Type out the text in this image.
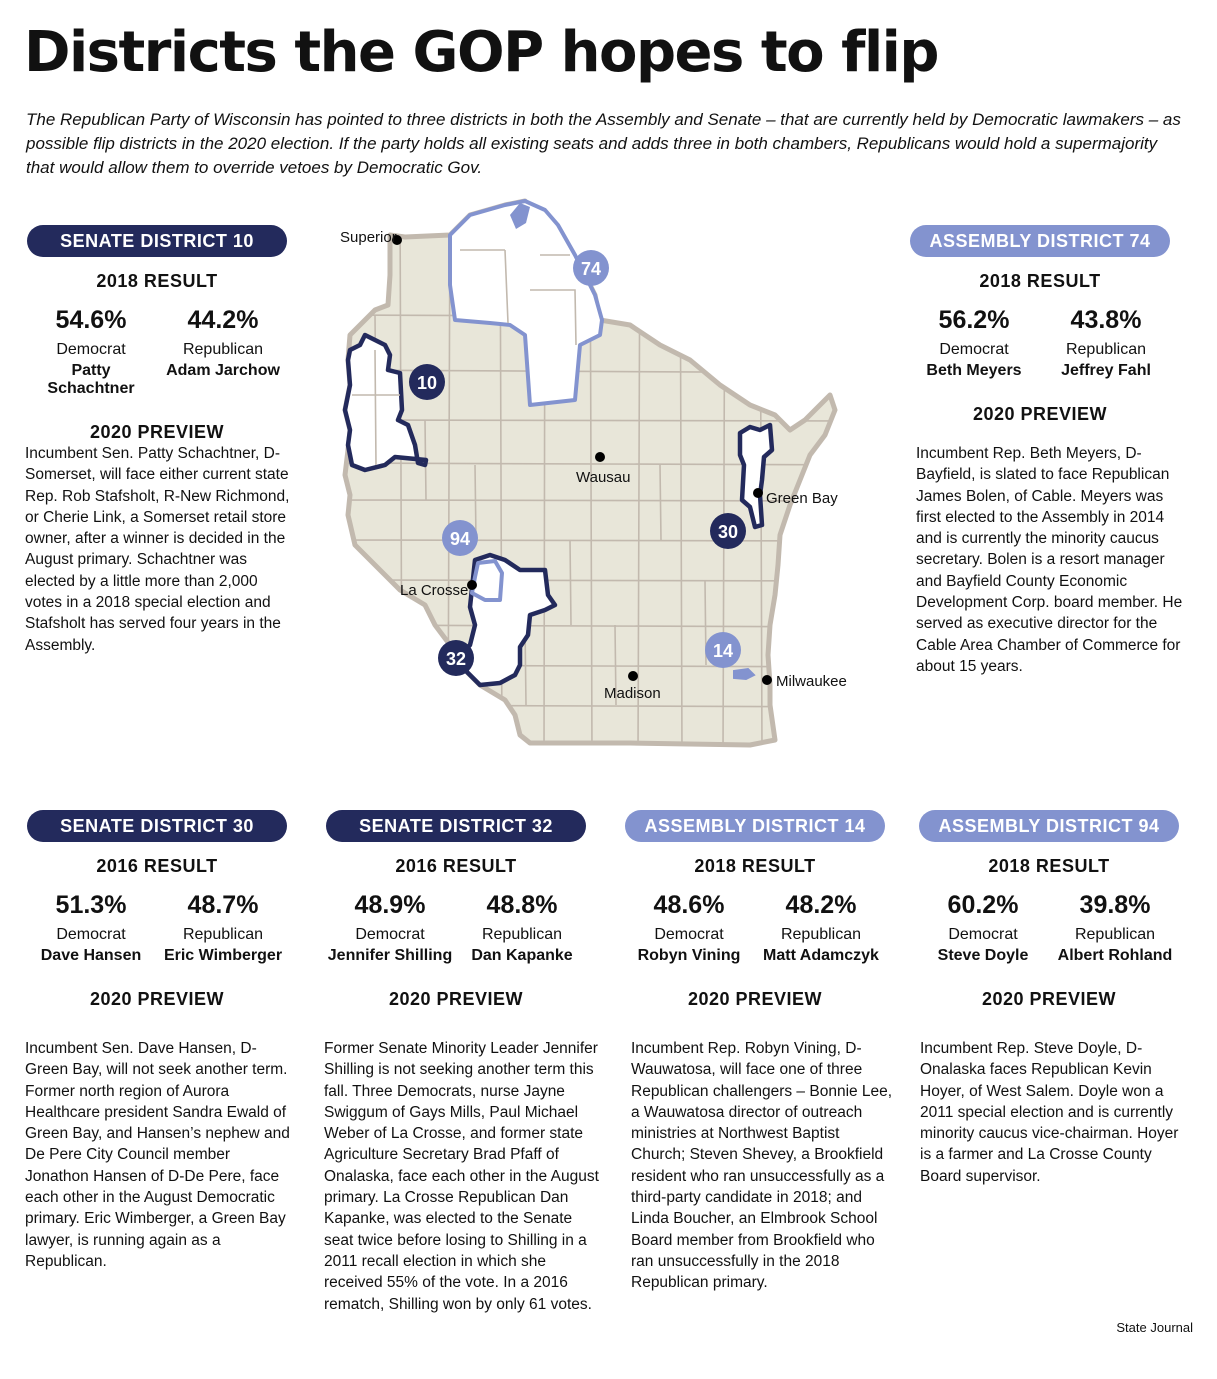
Districts the GOP hopes to flip

The Republican Party of Wisconsin has pointed to three districts in both the Assembly and Senate – that are currently held by Democratic lawmakers – as possible flip districts in the 2020 election. If the party holds all existing seats and adds three in both chambers, Republicans would hold a supermajority that would allow them to override vetoes by Democratic Gov.

SENATE DISTRICT 10
2018 RESULT
54.6%
Democrat
Patty Schachtner
44.2%
Republican
Adam Jarchow
2020 PREVIEW
Incumbent Sen. Patty Schachtner, D-Somerset, will face either current state Rep. Rob Stafsholt, R-New Richmond, or Cherie Link, a Somerset retail store owner, after a winner is decided in the August primary. Schachtner was elected by a little more than 2,000 votes in a 2018 special election and Stafsholt has served four years in the Assembly.
ASSEMBLY DISTRICT 74
2018 RESULT
56.2%
Democrat
Beth Meyers
43.8%
Republican
Jeffrey Fahl
2020 PREVIEW
Incumbent Rep. Beth Meyers, D-Bayfield, is slated to face Republican James Bolen, of Cable. Meyers was first elected to the Assembly in 2014 and is currently the minority caucus secretary. Bolen is a resort manager and Bayfield County Economic Development Corp. board member. He served as executive director for the Cable Area Chamber of Commerce for about 15 years.
SENATE DISTRICT 30
2016 RESULT
51.3%
Democrat
Dave Hansen
48.7%
Republican
Eric Wimberger
2020 PREVIEW
Incumbent Sen. Dave Hansen, D-Green Bay, will not seek another term. Former north region of Aurora Healthcare president Sandra Ewald of Green Bay, and Hansen’s nephew and De Pere City Council member Jonathon Hansen of D-De Pere, face each other in the August Democratic primary. Eric Wimberger, a Green Bay lawyer, is running again as a Republican.
SENATE DISTRICT 32
2016 RESULT
48.9%
Democrat
Jennifer Shilling
48.8%
Republican
Dan Kapanke
2020 PREVIEW
Former Senate Minority Leader Jennifer Shilling is not seeking another term this fall. Three Democrats, nurse Jayne Swiggum of Gays Mills, Paul Michael Weber of La Crosse, and former state Agriculture Secretary Brad Pfaff of Onalaska, face each other in the August primary. La Crosse Republican Dan Kapanke, was elected to the Senate seat twice before losing to Shilling in a 2011 recall election in which she received 55% of the vote. In a 2016 rematch, Shilling won by only 61 votes.
ASSEMBLY DISTRICT 14
2018 RESULT
48.6%
Democrat
Robyn Vining
48.2%
Republican
Matt Adamczyk
2020 PREVIEW
Incumbent Rep. Robyn Vining, D-Wauwatosa, will face one of three Republican challengers – Bonnie Lee, a Wauwatosa director of outreach ministries at Northwest Baptist Church; Steven Shevey, a Brookfield resident who ran unsuccessfully as a third-party candidate in 2018; and Linda Boucher, an Elmbrook School Board member from Brookfield who ran unsuccessfully in the 2018 Republican primary.
ASSEMBLY DISTRICT 94
2018 RESULT
60.2%
Democrat
Steve Doyle
39.8%
Republican
Albert Rohland
2020 PREVIEW
Incumbent Rep. Steve Doyle, D-Onalaska faces Republican Kevin Hoyer, of West Salem. Doyle won a 2011 special election and is currently minority caucus vice-chairman. Hoyer is a farmer and La Crosse County Board supervisor.
Superior
Wausau
Green Bay
La Crosse
Madison
Milwaukee
74
10
94	30
32	14
State Journal
